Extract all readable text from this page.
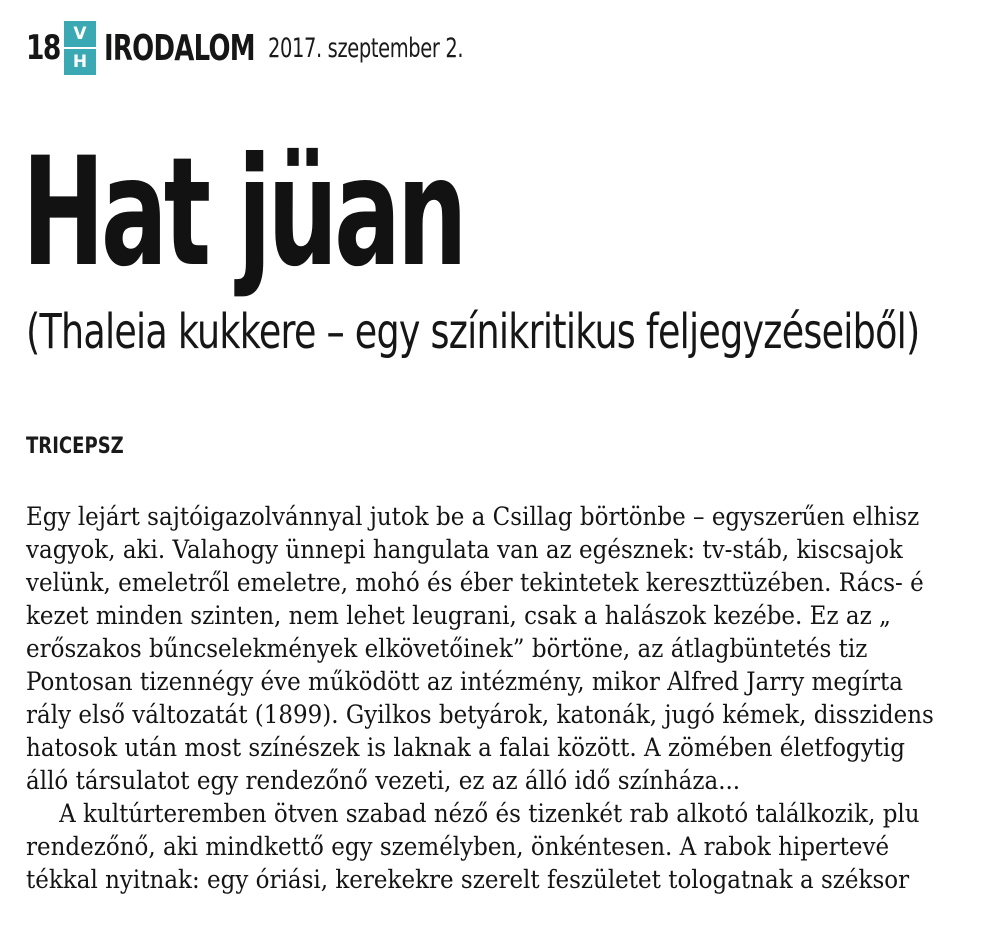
18 V
H IRODALOM 2017. szeptember 2.
Hat jüan
(Thaleia kukkere – egy színikritikus feljegyzéseiből)
TRICEPSZ
Egy lejárt sajtóigazolvánnyal jutok be a Csillag börtönbe – egyszerűen elhisz
vagyok, aki. Valahogy ünnepi hangulata van az egésznek: tv-stáb, kiscsajok
velünk, emeletről emeletre, mohó és éber tekintetek kereszttüzében. Rács- é
kezet minden szinten, nem lehet leugrani, csak a halászok kezébe. Ez az „
erőszakos bűncselekmények elkövetőinek” börtöne, az átlagbüntetés tiz
Pontosan tizennégy éve működött az intézmény, mikor Alfred Jarry megírta
rály első változatát (1899). Gyilkos betyárok, katonák, jugó kémek, disszidens
hatosok után most színészek is laknak a falai között. A zömében életfogytig
álló társulatot egy rendezőnő vezeti, ez az álló idő színháza...
A kultúrteremben ötven szabad néző és tizenkét rab alkotó találkozik, plu
rendezőnő, aki mindkettő egy személyben, önkéntesen. A rabok hipertevé
tékkal nyitnak: egy óriási, kerekekre szerelt feszületet tologatnak a széksor
